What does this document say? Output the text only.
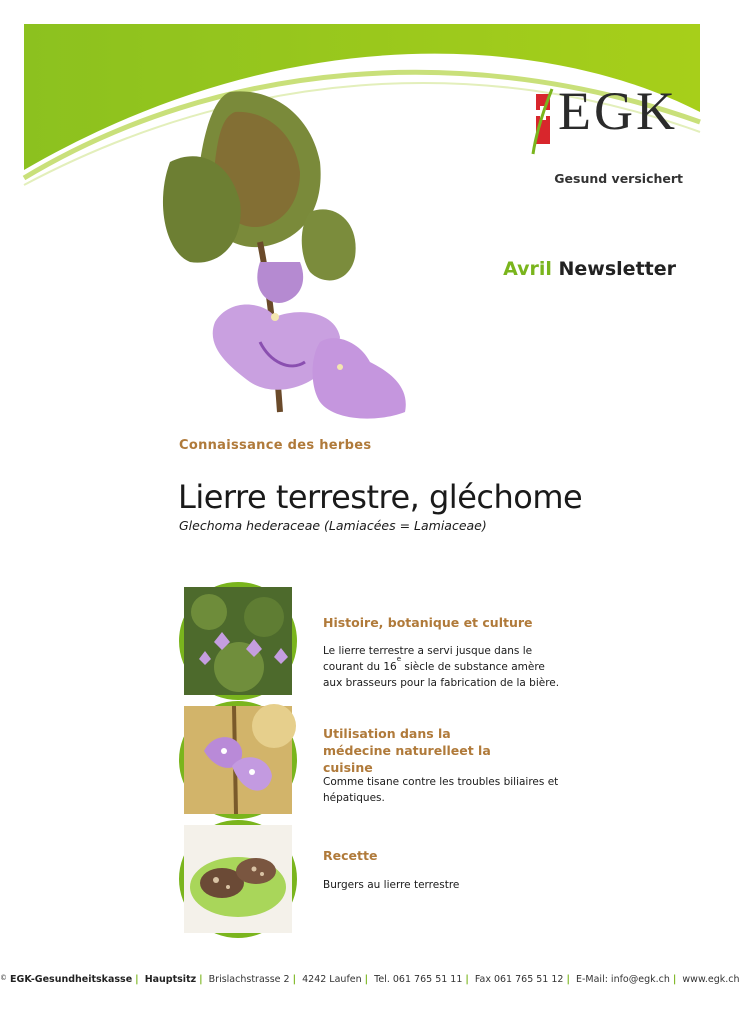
EGK
Gesund versichert
Avril Newsletter
Connaissance des herbes
Lierre terrestre, gléchome
Glechoma hederaceae (Lamiacées = Lamiaceae)
Histoire, botanique et culture
Le lierre terrestre a servi jusque dans le courant du 16e siècle de substance amère aux brasseurs pour la fabrication de la bière.
Utilisation dans la médecine naturelleet la cuisine
Comme tisane contre les troubles biliaires et hépatiques.
Recette
Burgers au lierre terrestre
© EGK-Gesundheitskasse | Hauptsitz | Brislachstrasse 2 | 4242 Laufen | Tel. 061 765 51 11 | Fax 061 765 51 12 | E-Mail: info@egk.ch | www.egk.ch
